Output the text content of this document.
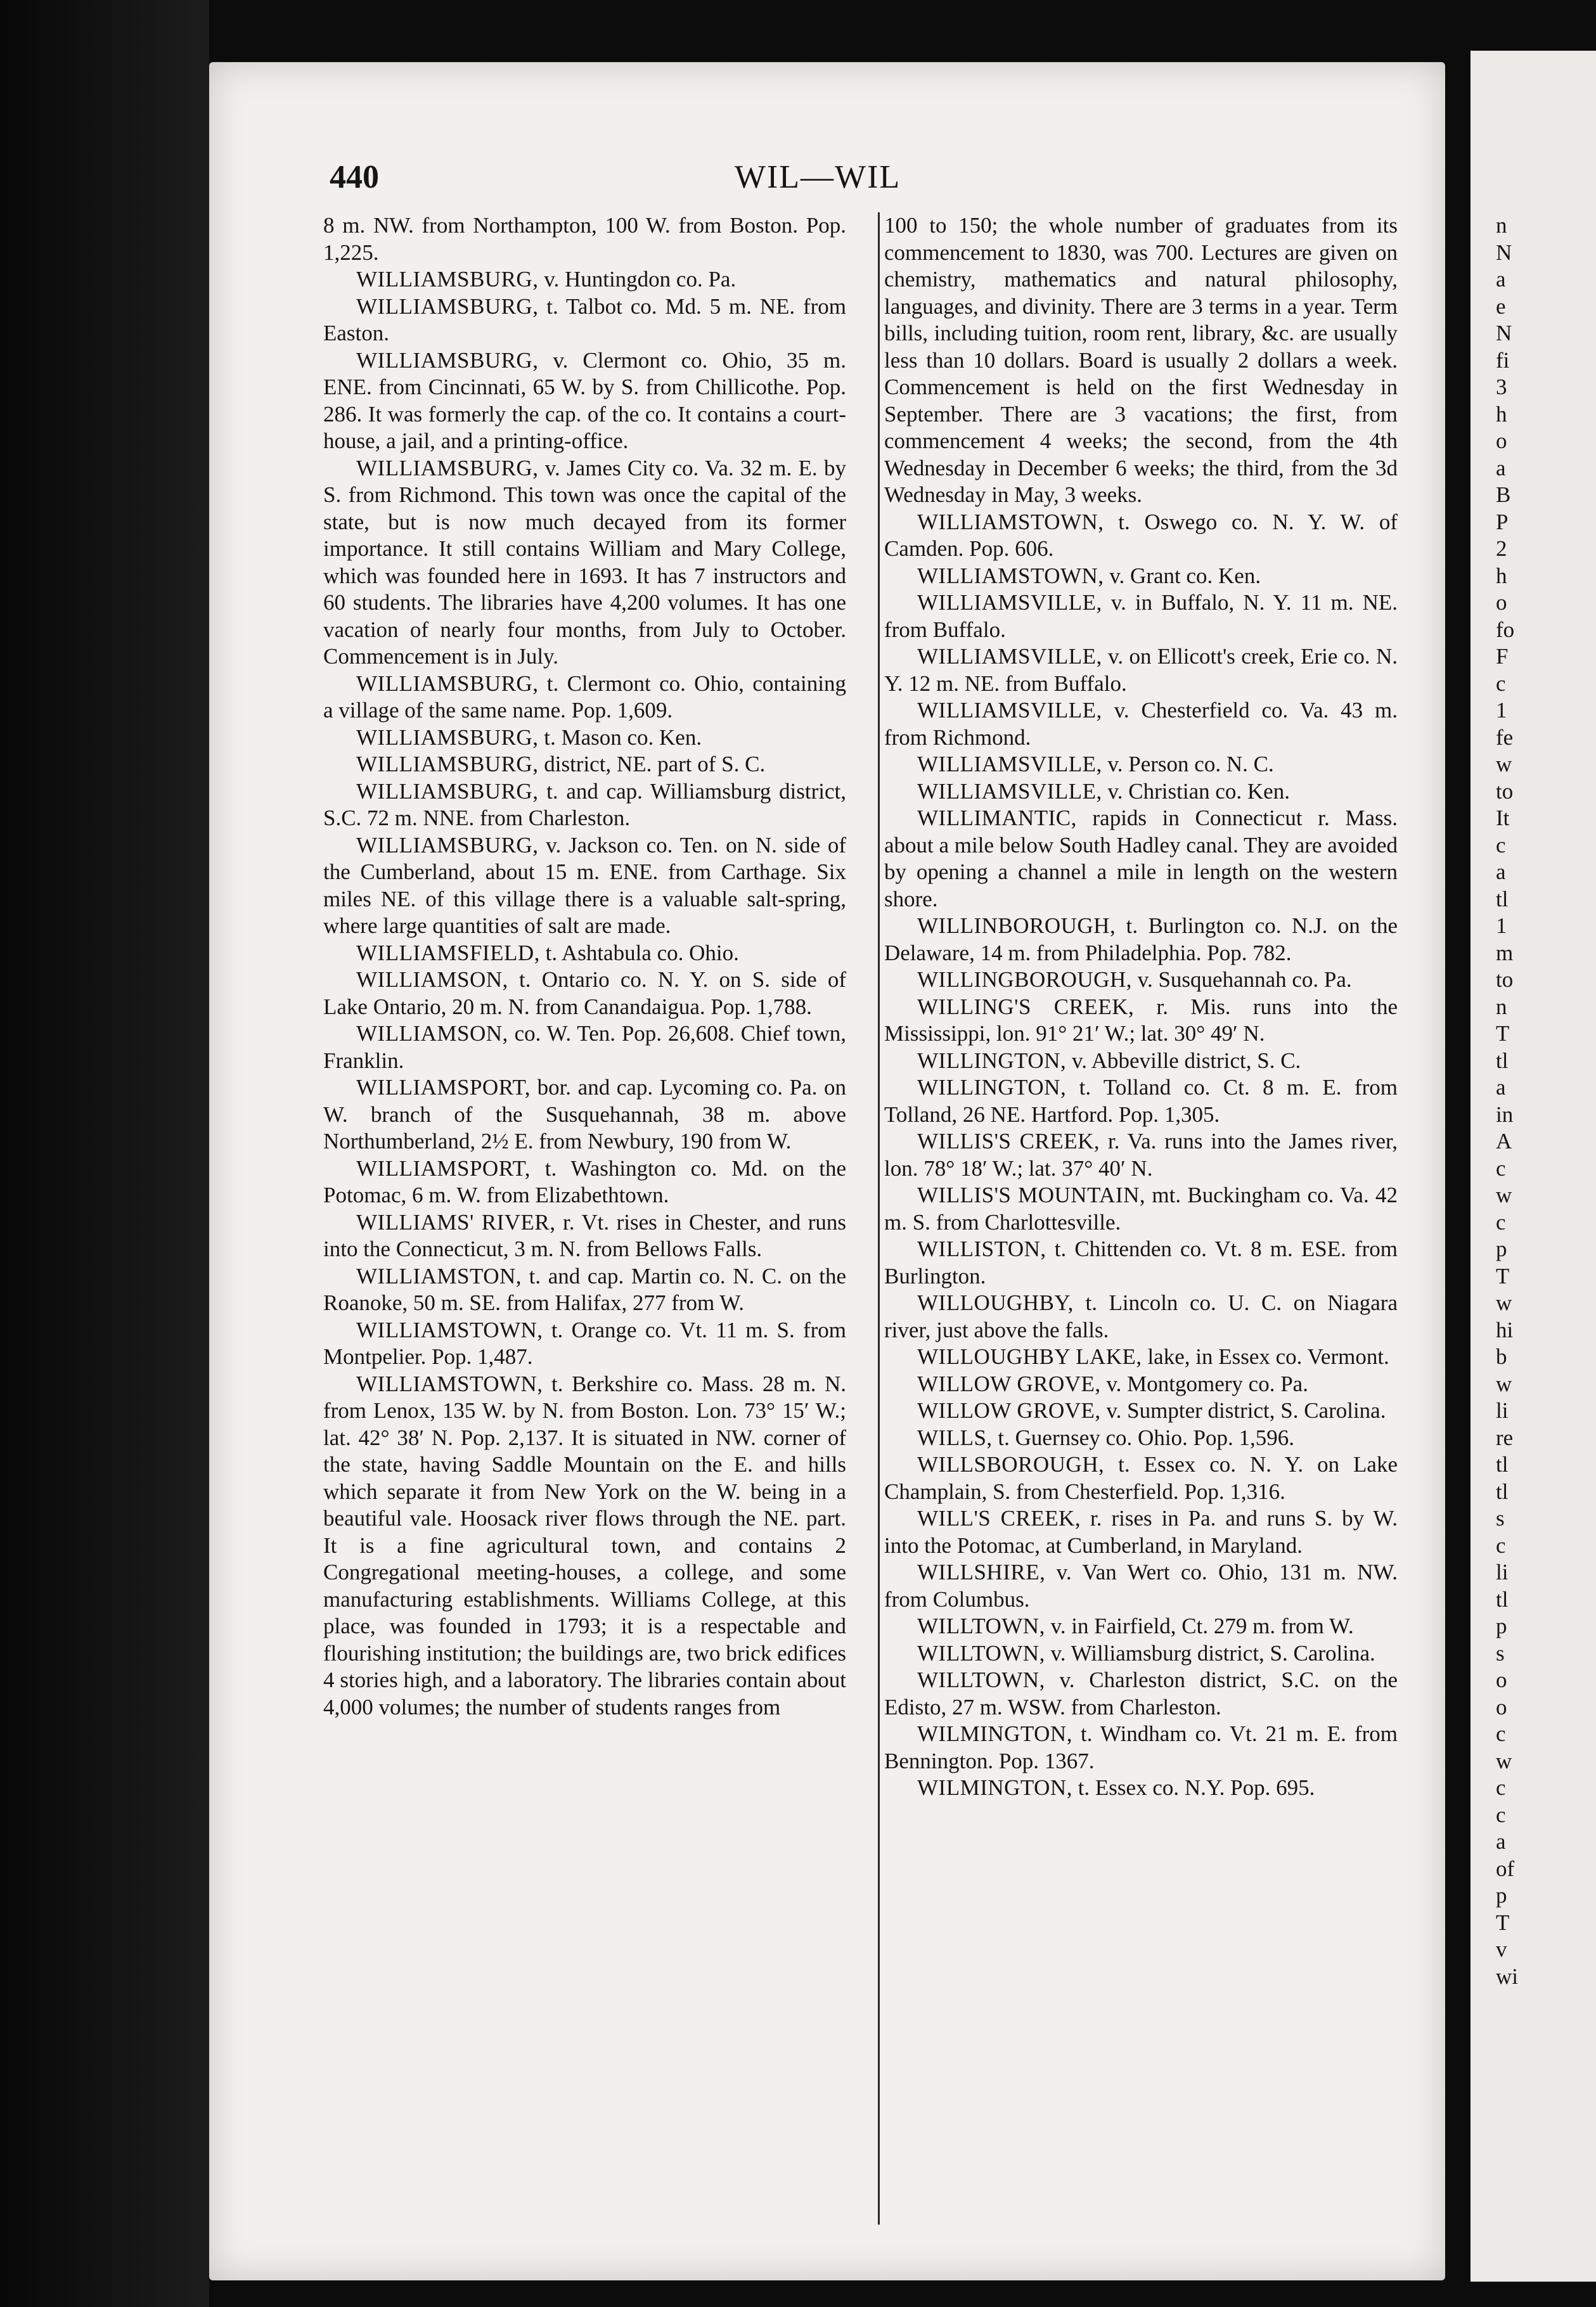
440	WIL—WIL

8 m. NW. from Northampton, 100 W. from Boston. Pop. 1,225.

WILLIAMSBURG, v. Huntingdon co. Pa.

WILLIAMSBURG, t. Talbot co. Md. 5 m. NE. from Easton.

WILLIAMSBURG, v. Clermont co. Ohio, 35 m. ENE. from Cincinnati, 65 W. by S. from Chillicothe. Pop. 286. It was formerly the cap. of the co. It contains a court-house, a jail, and a printing-office.

WILLIAMSBURG, v. James City co. Va. 32 m. E. by S. from Richmond. This town was once the capital of the state, but is now much decayed from its former importance. It still contains William and Mary College, which was founded here in 1693. It has 7 instructors and 60 students. The libraries have 4,200 volumes. It has one vacation of nearly four months, from July to October. Commencement is in July.

WILLIAMSBURG, t. Clermont co. Ohio, containing a village of the same name. Pop. 1,609.

WILLIAMSBURG, t. Mason co. Ken.

WILLIAMSBURG, district, NE. part of S. C.

WILLIAMSBURG, t. and cap. Williamsburg district, S.C. 72 m. NNE. from Charleston.

WILLIAMSBURG, v. Jackson co. Ten. on N. side of the Cumberland, about 15 m. ENE. from Carthage. Six miles NE. of this village there is a valuable salt-spring, where large quantities of salt are made.

WILLIAMSFIELD, t. Ashtabula co. Ohio.

WILLIAMSON, t. Ontario co. N. Y. on S. side of Lake Ontario, 20 m. N. from Canandaigua. Pop. 1,788.

WILLIAMSON, co. W. Ten. Pop. 26,608. Chief town, Franklin.

WILLIAMSPORT, bor. and cap. Lycoming co. Pa. on W. branch of the Susquehannah, 38 m. above Northumberland, 2½ E. from Newbury, 190 from W.

WILLIAMSPORT, t. Washington co. Md. on the Potomac, 6 m. W. from Elizabethtown.

WILLIAMS' RIVER, r. Vt. rises in Chester, and runs into the Connecticut, 3 m. N. from Bellows Falls.

WILLIAMSTON, t. and cap. Martin co. N. C. on the Roanoke, 50 m. SE. from Halifax, 277 from W.

WILLIAMSTOWN, t. Orange co. Vt. 11 m. S. from Montpelier. Pop. 1,487.

WILLIAMSTOWN, t. Berkshire co. Mass. 28 m. N. from Lenox, 135 W. by N. from Boston. Lon. 73° 15′ W.; lat. 42° 38′ N. Pop. 2,137. It is situated in NW. corner of the state, having Saddle Mountain on the E. and hills which separate it from New York on the W. being in a beautiful vale. Hoosack river flows through the NE. part. It is a fine agricultural town, and contains 2 Congregational meeting-houses, a college, and some manufacturing establishments. Williams College, at this place, was founded in 1793; it is a respectable and flourishing institution; the buildings are, two brick edifices 4 stories high, and a laboratory. The libraries contain about 4,000 volumes; the number of students ranges from

100 to 150; the whole number of graduates from its commencement to 1830, was 700. Lectures are given on chemistry, mathematics and natural philosophy, languages, and divinity. There are 3 terms in a year. Term bills, including tuition, room rent, library, &c. are usually less than 10 dollars. Board is usually 2 dollars a week. Commencement is held on the first Wednesday in September. There are 3 vacations; the first, from commencement 4 weeks; the second, from the 4th Wednesday in December 6 weeks; the third, from the 3d Wednesday in May, 3 weeks.

WILLIAMSTOWN, t. Oswego co. N. Y. W. of Camden. Pop. 606.

WILLIAMSTOWN, v. Grant co. Ken.

WILLIAMSVILLE, v. in Buffalo, N. Y. 11 m. NE. from Buffalo.

WILLIAMSVILLE, v. on Ellicott's creek, Erie co. N. Y. 12 m. NE. from Buffalo.

WILLIAMSVILLE, v. Chesterfield co. Va. 43 m. from Richmond.

WILLIAMSVILLE, v. Person co. N. C.

WILLIAMSVILLE, v. Christian co. Ken.

WILLIMANTIC, rapids in Connecticut r. Mass. about a mile below South Hadley canal. They are avoided by opening a channel a mile in length on the western shore.

WILLINBOROUGH, t. Burlington co. N.J. on the Delaware, 14 m. from Philadelphia. Pop. 782.

WILLINGBOROUGH, v. Susquehannah co. Pa.

WILLING'S CREEK, r. Mis. runs into the Mississippi, lon. 91° 21′ W.; lat. 30° 49′ N.

WILLINGTON, v. Abbeville district, S. C.

WILLINGTON, t. Tolland co. Ct. 8 m. E. from Tolland, 26 NE. Hartford. Pop. 1,305.

WILLIS'S CREEK, r. Va. runs into the James river, lon. 78° 18′ W.; lat. 37° 40′ N.

WILLIS'S MOUNTAIN, mt. Buckingham co. Va. 42 m. S. from Charlottesville.

WILLISTON, t. Chittenden co. Vt. 8 m. ESE. from Burlington.

WILLOUGHBY, t. Lincoln co. U. C. on Niagara river, just above the falls.

WILLOUGHBY LAKE, lake, in Essex co. Vermont.

WILLOW GROVE, v. Montgomery co. Pa.

WILLOW GROVE, v. Sumpter district, S. Carolina.

WILLS, t. Guernsey co. Ohio. Pop. 1,596.

WILLSBOROUGH, t. Essex co. N. Y. on Lake Champlain, S. from Chesterfield. Pop. 1,316.

WILL'S CREEK, r. rises in Pa. and runs S. by W. into the Potomac, at Cumberland, in Maryland.

WILLSHIRE, v. Van Wert co. Ohio, 131 m. NW. from Columbus.

WILLTOWN, v. in Fairfield, Ct. 279 m. from W.

WILLTOWN, v. Williamsburg district, S. Carolina.

WILLTOWN, v. Charleston district, S.C. on the Edisto, 27 m. WSW. from Charleston.

WILMINGTON, t. Windham co. Vt. 21 m. E. from Bennington. Pop. 1367.

WILMINGTON, t. Essex co. N.Y. Pop. 695.

n
N
a
e
N
fi
3
h
o
a
B
P
2
h
o
fo
F
c
1
fe
w
to
It
c
a
tl
1
m
to
n
T
tl
a
in
A
c
w
c
p
T
w
hi
b
w
li
re
tl
tl
s
c
li
tl
p
s
o
o
c
w
c
c
a
of
p
T
v
wi
